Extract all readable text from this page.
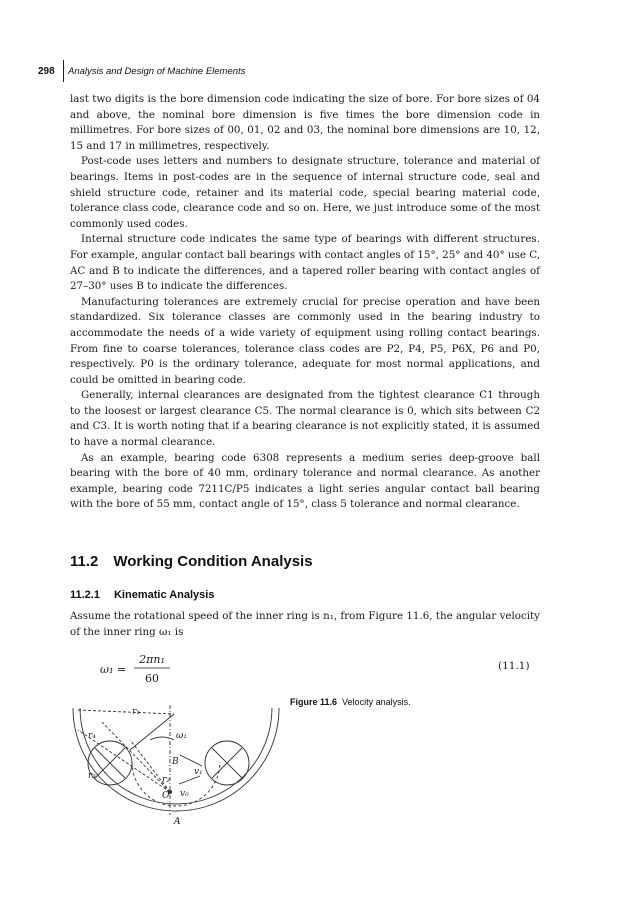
298 Analysis and Design of Machine Elements

last two digits is the bore dimension code indicating the size of bore. For bore sizes of 04 and above, the nominal bore dimension is five times the bore dimension code in millimetres. For bore sizes of 00, 01, 02 and 03, the nominal bore dimensions are 10, 12, 15 and 17 in millimetres, respectively.

Post-code uses letters and numbers to designate structure, tolerance and material of bearings. Items in post-codes are in the sequence of internal structure code, seal and shield structure code, retainer and its material code, special bearing material code, tolerance class code, clearance code and so on. Here, we just introduce some of the most commonly used codes.

Internal structure code indicates the same type of bearings with different structures. For example, angular contact ball bearings with contact angles of 15°, 25° and 40° use C, AC and B to indicate the differences, and a tapered roller bearing with contact angles of 27–30° uses B to indicate the differences.

Manufacturing tolerances are extremely crucial for precise operation and have been standardized. Six tolerance classes are commonly used in the bearing industry to accommodate the needs of a wide variety of equipment using rolling contact bearings. From fine to coarse tolerances, tolerance class codes are P2, P4, P5, P6X, P6 and P0, respectively. P0 is the ordinary tolerance, adequate for most normal applications, and could be omitted in bearing code.

Generally, internal clearances are designated from the tightest clearance C1 through to the loosest or largest clearance C5. The normal clearance is 0, which sits between C2 and C3. It is worth noting that if a bearing clearance is not explicitly stated, it is assumed to have a normal clearance.

As an example, bearing code 6308 represents a medium series deep-groove ball bearing with the bore of 40 mm, ordinary tolerance and normal clearance. As another example, bearing code 7211C/P5 indicates a light series angular contact ball bearing with the bore of 55 mm, contact angle of 15°, class 5 tolerance and normal clearance.

11.2 Working Condition Analysis
11.2.1 Kinematic Analysis
Assume the rotational speed of the inner ring is n₁, from Figure 11.6, the angular velocity of the inner ring ω₁ is
ω₁ =
2πn₁
60
(11.1)
Figure 11.6 Velocity analysis.
r₁
r₄	ω₁
B
v₁
r₃	r₂
O v₀
A
